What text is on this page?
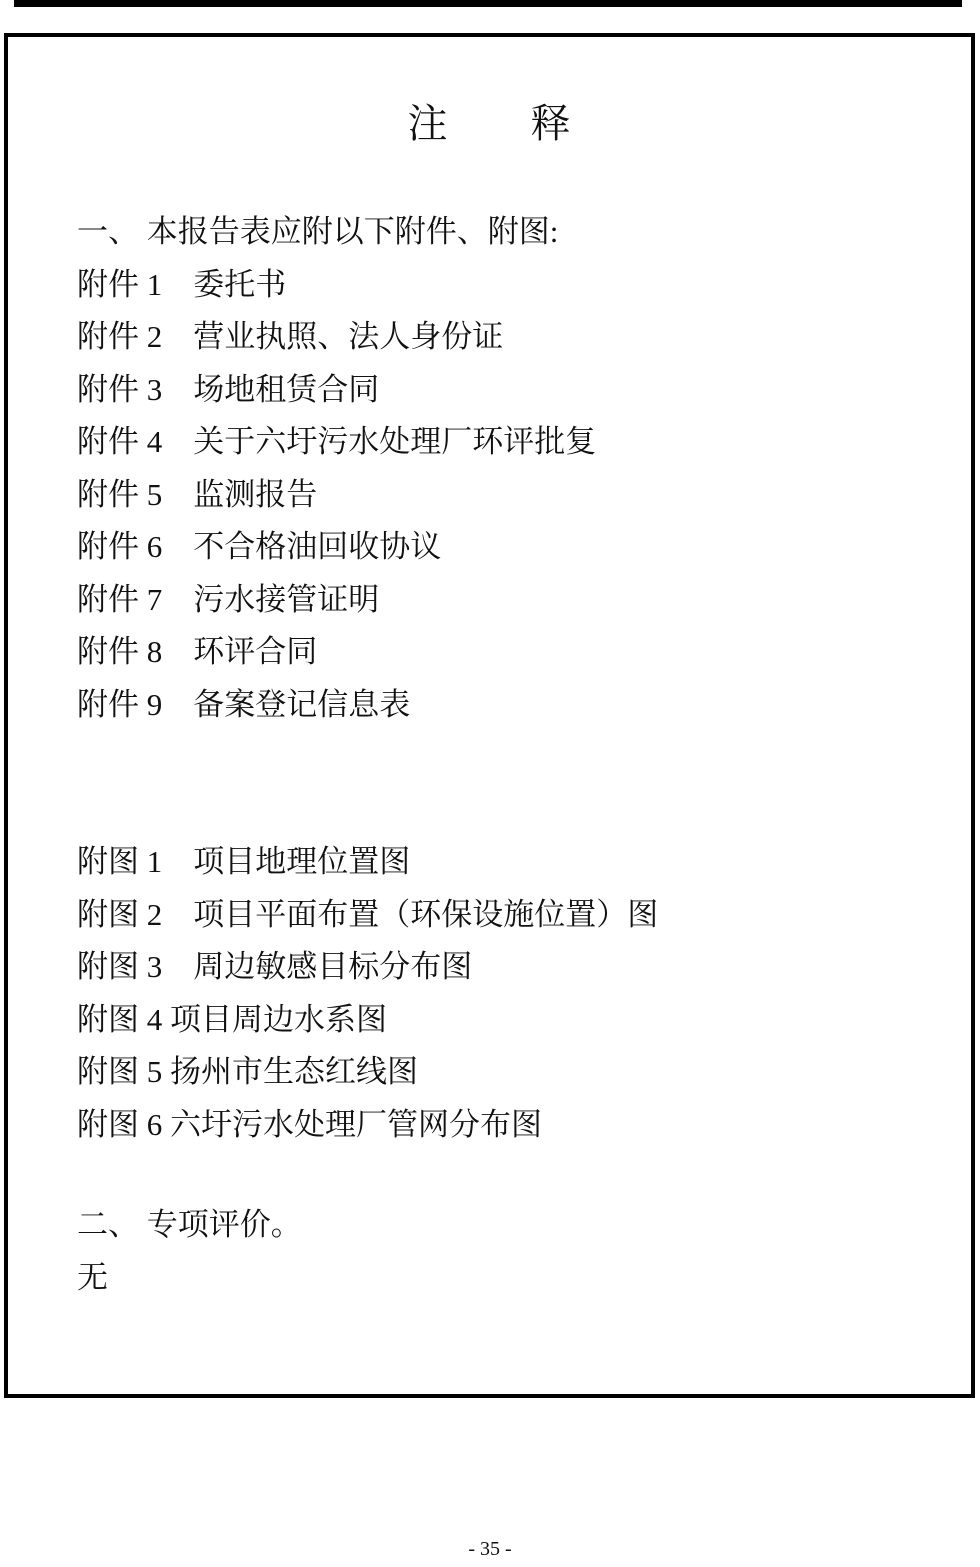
注　　释

一、 本报告表应附以下附件、附图:

附件 1　委托书

附件 2　营业执照、法人身份证

附件 3　场地租赁合同

附件 4　关于六圩污水处理厂环评批复

附件 5　监测报告

附件 6　不合格油回收协议

附件 7　污水接管证明

附件 8　环评合同

附件 9　备案登记信息表

附图 1　项目地理位置图

附图 2　项目平面布置（环保设施位置）图

附图 3　周边敏感目标分布图

附图 4 项目周边水系图

附图 5 扬州市生态红线图

附图 6 六圩污水处理厂管网分布图

二、 专项评价。

无

- 35 -
